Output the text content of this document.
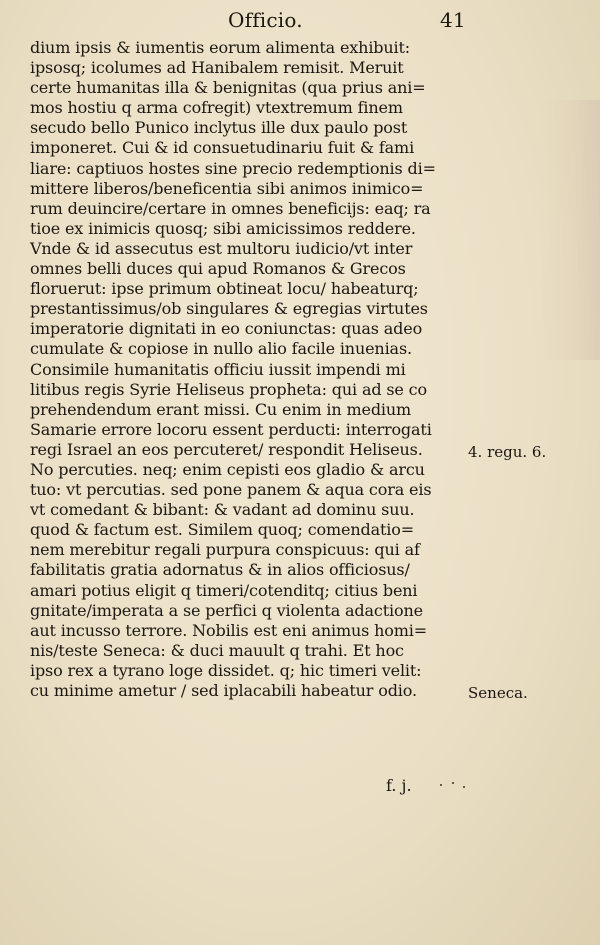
Officio.	41
dium ipsis & iumentis eorum alimenta exhibuit:
ipsosq; icolumes ad Hanibalem remisit. Meruit
certe humanitas illa & benignitas (qua prius ani=
mos hostiu q arma cofregit) vtextremum finem
secudo bello Punico inclytus ille dux paulo post
imponeret. Cui & id consuetudinariu fuit & fami
liare: captiuos hostes sine precio redemptionis di=
mittere liberos/beneficentia sibi animos inimico=
rum deuincire/certare in omnes beneficijs: eaq; ra
tioe ex inimicis quosq; sibi amicissimos reddere.
Vnde & id assecutus est multoru iudicio/vt inter
omnes belli duces qui apud Romanos & Grecos
floruerut: ipse primum obtineat locu/ habeaturq;
prestantissimus/ob singulares & egregias virtutes
imperatorie dignitati in eo coniunctas: quas adeo
cumulate & copiose in nullo alio facile inuenias.
Consimile humanitatis officiu iussit impendi mi
litibus regis Syrie Heliseus propheta: qui ad se co
prehendendum erant missi. Cu enim in medium
Samarie errore locoru essent perducti: interrogati
regi Israel an eos percuteret/ respondit Heliseus.
No percuties. neq; enim cepisti eos gladio & arcu
tuo: vt percutias. sed pone panem & aqua cora eis
vt comedant & bibant: & vadant ad dominu suu.
quod & factum est. Similem quoq; comendatio=
nem merebitur regali purpura conspicuus: qui af
fabilitatis gratia adornatus & in alios officiosus/
amari potius eligit q timeri/cotenditq; citius beni
gnitate/imperata a se perfici q violenta adactione
aut incusso terrore. Nobilis est eni animus homi=
nis/teste Seneca: & duci mauult q trahi. Et hoc
ipso rex a tyrano loge dissidet. q; hic timeri velit:
cu minime ametur / sed iplacabili habeatur odio.
4. regu. 6.
Seneca.
f. j.
